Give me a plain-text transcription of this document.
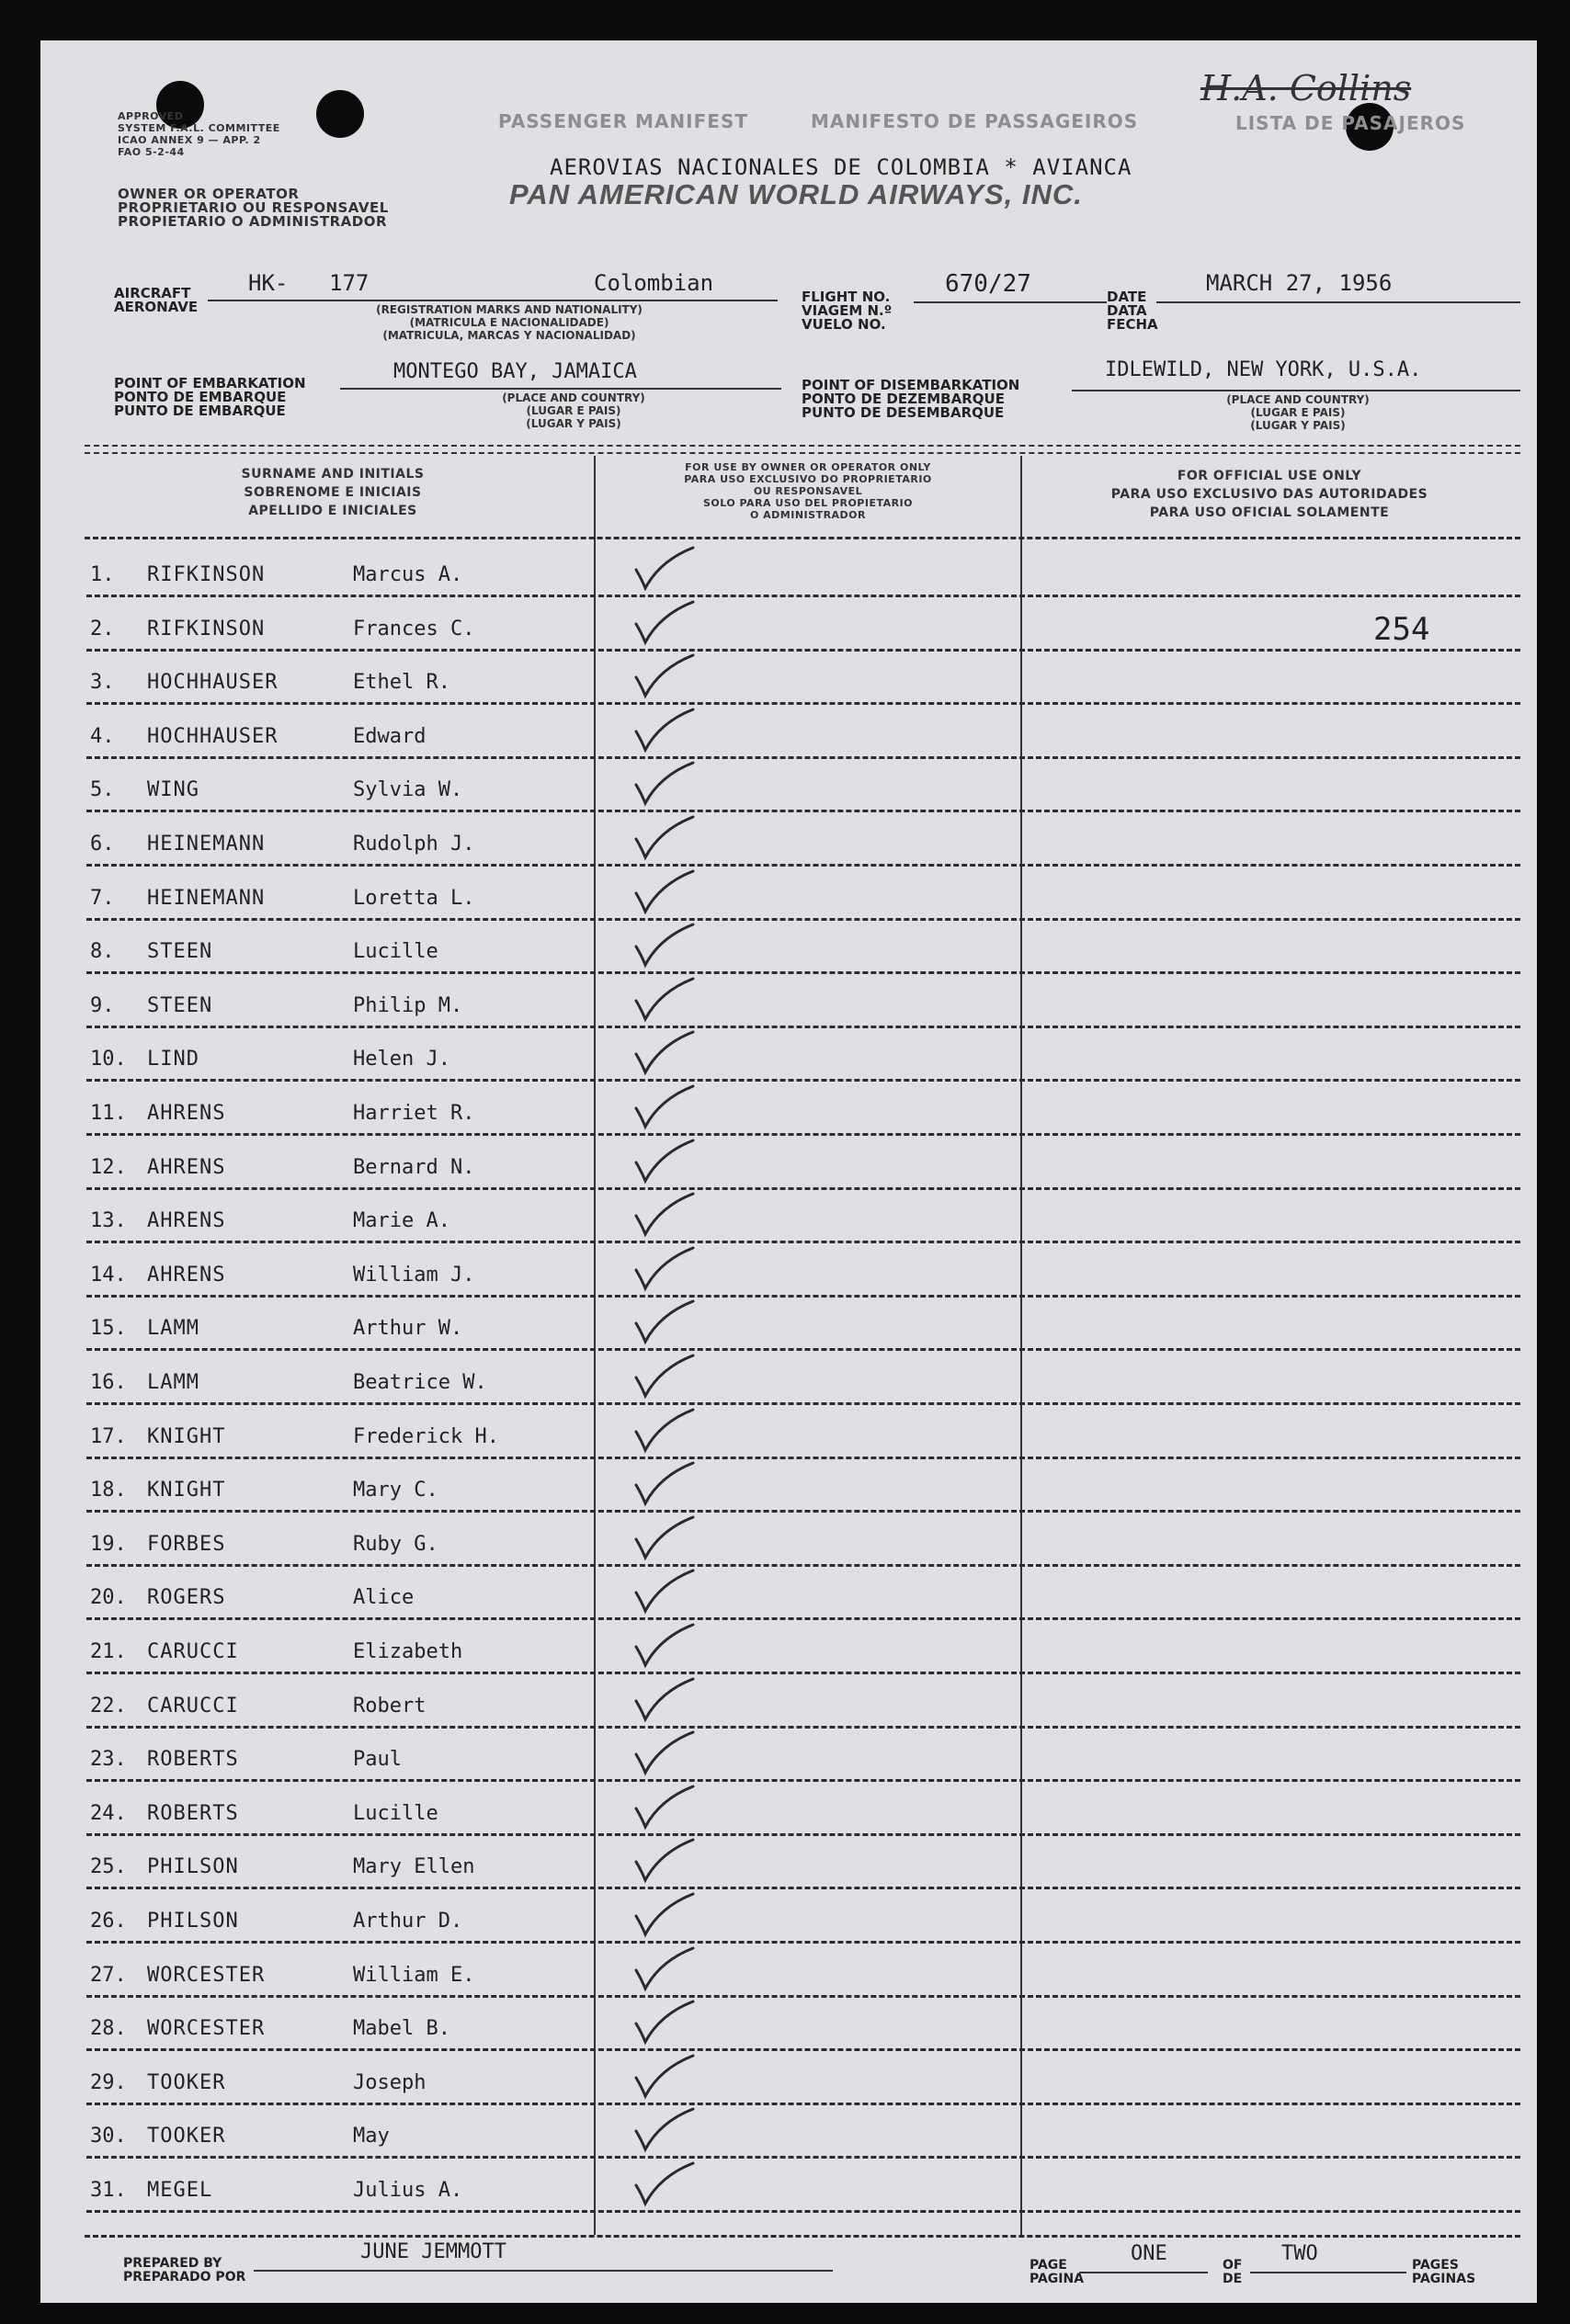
APPROVED
SYSTEM F.A.L. COMMITTEE
ICAO ANNEX 9 — APP. 2
FAO 5-2-44
PASSENGER MANIFEST	MANIFESTO DE PASSAGEIROS	LISTA DE PASAJEROS
H.A. Collins
OWNER OR OPERATOR
PROPRIETARIO OU RESPONSAVEL
PROPIETARIO O ADMINISTRADOR
AEROVIAS NACIONALES DE COLOMBIA * AVIANCA
PAN AMERICAN WORLD AIRWAYS, INC.
AIRCRAFT
AERONAVE
HK- 177	Colombian
(REGISTRATION MARKS AND NATIONALITY)
(MATRICULA E NACIONALIDADE)
(MATRICULA, MARCAS Y NACIONALIDAD)
FLIGHT NO.
VIAGEM N.º
VUELO NO.
670/27	DATE
DATA
FECHA
MARCH 27, 1956
POINT OF EMBARKATION
PONTO DE EMBARQUE
PUNTO DE EMBARQUE
MONTEGO BAY, JAMAICA
(PLACE AND COUNTRY)
(LUGAR E PAIS)
(LUGAR Y PAIS)
POINT OF DISEMBARKATION
PONTO DE DEZEMBARQUE
PUNTO DE DESEMBARQUE
IDLEWILD, NEW YORK, U.S.A.
(PLACE AND COUNTRY)
(LUGAR E PAIS)
(LUGAR Y PAIS)
SURNAME AND INITIALS
SOBRENOME E INICIAIS
APELLIDO E INICIALES
FOR USE BY OWNER OR OPERATOR ONLY
PARA USO EXCLUSIVO DO PROPRIETARIO
OU RESPONSAVEL
SOLO PARA USO DEL PROPIETARIO
O ADMINISTRADOR
FOR OFFICIAL USE ONLY
PARA USO EXCLUSIVO DAS AUTORIDADES
PARA USO OFICIAL SOLAMENTE
1.	RIFKINSON	Marcus A.
2.	RIFKINSON	Frances C.	254
3.	HOCHHAUSER	Ethel R.
4.	HOCHHAUSER	Edward
5.	WING	Sylvia W.
6.	HEINEMANN	Rudolph J.
7.	HEINEMANN	Loretta L.
8.	STEEN	Lucille
9.	STEEN	Philip M.
10.	LIND	Helen J.
11.	AHRENS	Harriet R.
12.	AHRENS	Bernard N.
13.	AHRENS	Marie A.
14.	AHRENS	William J.
15.	LAMM	Arthur W.
16.	LAMM	Beatrice W.
17.	KNIGHT	Frederick H.
18.	KNIGHT	Mary C.
19.	FORBES	Ruby G.
20.	ROGERS	Alice
21.	CARUCCI	Elizabeth
22.	CARUCCI	Robert
23.	ROBERTS	Paul
24.	ROBERTS	Lucille
25.	PHILSON	Mary Ellen
26.	PHILSON	Arthur D.
27.	WORCESTER	William E.
28.	WORCESTER	Mabel B.
29.	TOOKER	Joseph
30.	TOOKER	May
31.	MEGEL	Julius A.
PREPARED BY
PREPARADO POR
JUNE JEMMOTT
PAGE
PAGINA
ONE	OF
DE
TWO	PAGES
PAGINAS
